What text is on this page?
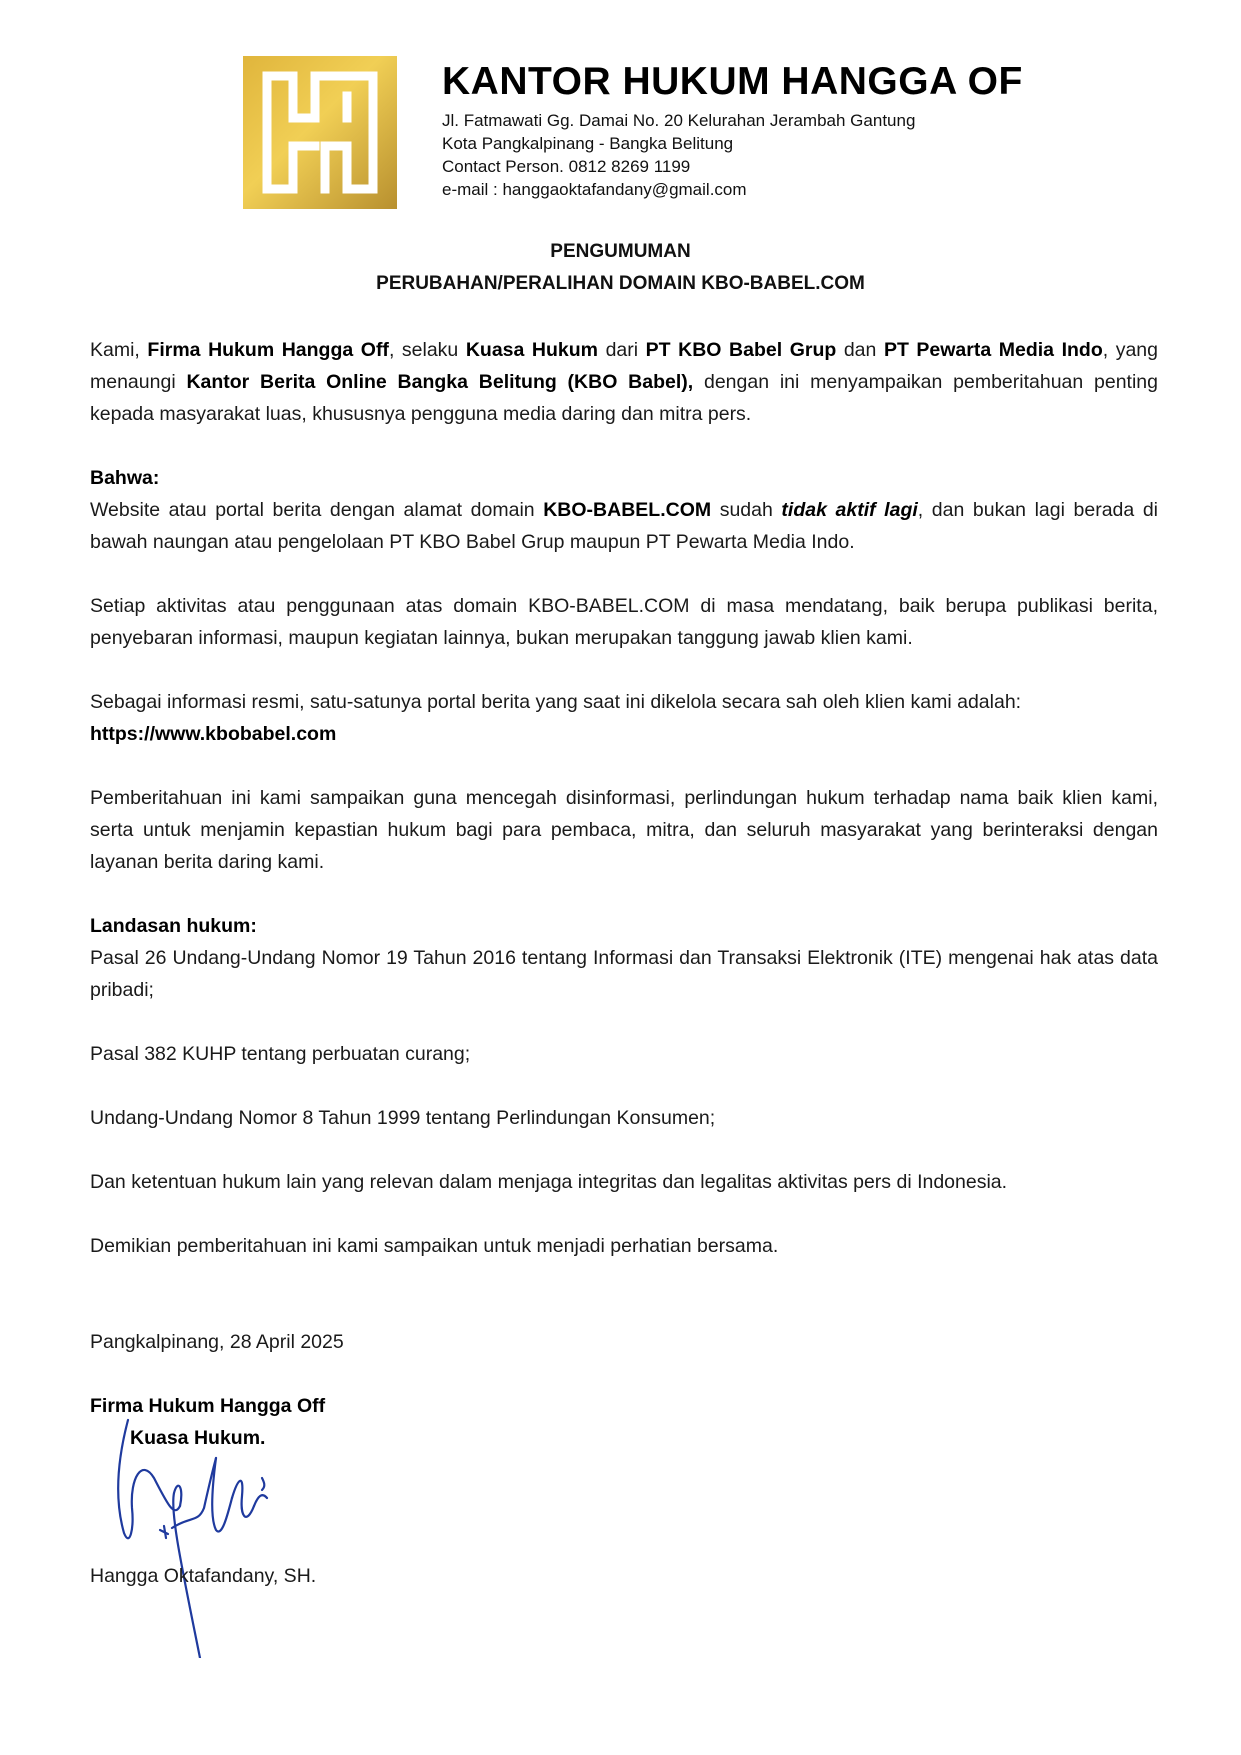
KANTOR HUKUM HANGGA OF
Jl. Fatmawati Gg. Damai No. 20 Kelurahan Jerambah Gantung
Kota Pangkalpinang - Bangka Belitung
Contact Person. 0812 8269 1199
e-mail : hanggaoktafandany@gmail.com
PENGUMUMAN
PERUBAHAN/PERALIHAN DOMAIN KBO-BABEL.COM
Kami, Firma Hukum Hangga Off, selaku Kuasa Hukum dari PT KBO Babel Grup dan PT Pewarta Media Indo, yang menaungi Kantor Berita Online Bangka Belitung (KBO Babel), dengan ini menyampaikan pemberitahuan penting kepada masyarakat luas, khususnya pengguna media daring dan mitra pers.

Bahwa:

Website atau portal berita dengan alamat domain KBO-BABEL.COM sudah tidak aktif lagi, dan bukan lagi berada di bawah naungan atau pengelolaan PT KBO Babel Grup maupun PT Pewarta Media Indo.

Setiap aktivitas atau penggunaan atas domain KBO-BABEL.COM di masa mendatang, baik berupa publikasi berita, penyebaran informasi, maupun kegiatan lainnya, bukan merupakan tanggung jawab klien kami.

Sebagai informasi resmi, satu-satunya portal berita yang saat ini dikelola secara sah oleh klien kami adalah:

https://www.kbobabel.com

Pemberitahuan ini kami sampaikan guna mencegah disinformasi, perlindungan hukum terhadap nama baik klien kami, serta untuk menjamin kepastian hukum bagi para pembaca, mitra, dan seluruh masyarakat yang berinteraksi dengan layanan berita daring kami.

Landasan hukum:

Pasal 26 Undang-Undang Nomor 19 Tahun 2016 tentang Informasi dan Transaksi Elektronik (ITE) mengenai hak atas data pribadi;

Pasal 382 KUHP tentang perbuatan curang;
Undang-Undang Nomor 8 Tahun 1999 tentang Perlindungan Konsumen;
Dan ketentuan hukum lain yang relevan dalam menjaga integritas dan legalitas aktivitas pers di Indonesia.
Demikian pemberitahuan ini kami sampaikan untuk menjadi perhatian bersama.
Pangkalpinang, 28 April 2025
Firma Hukum Hangga Off
Kuasa Hukum.
Hangga Oktafandany, SH.
